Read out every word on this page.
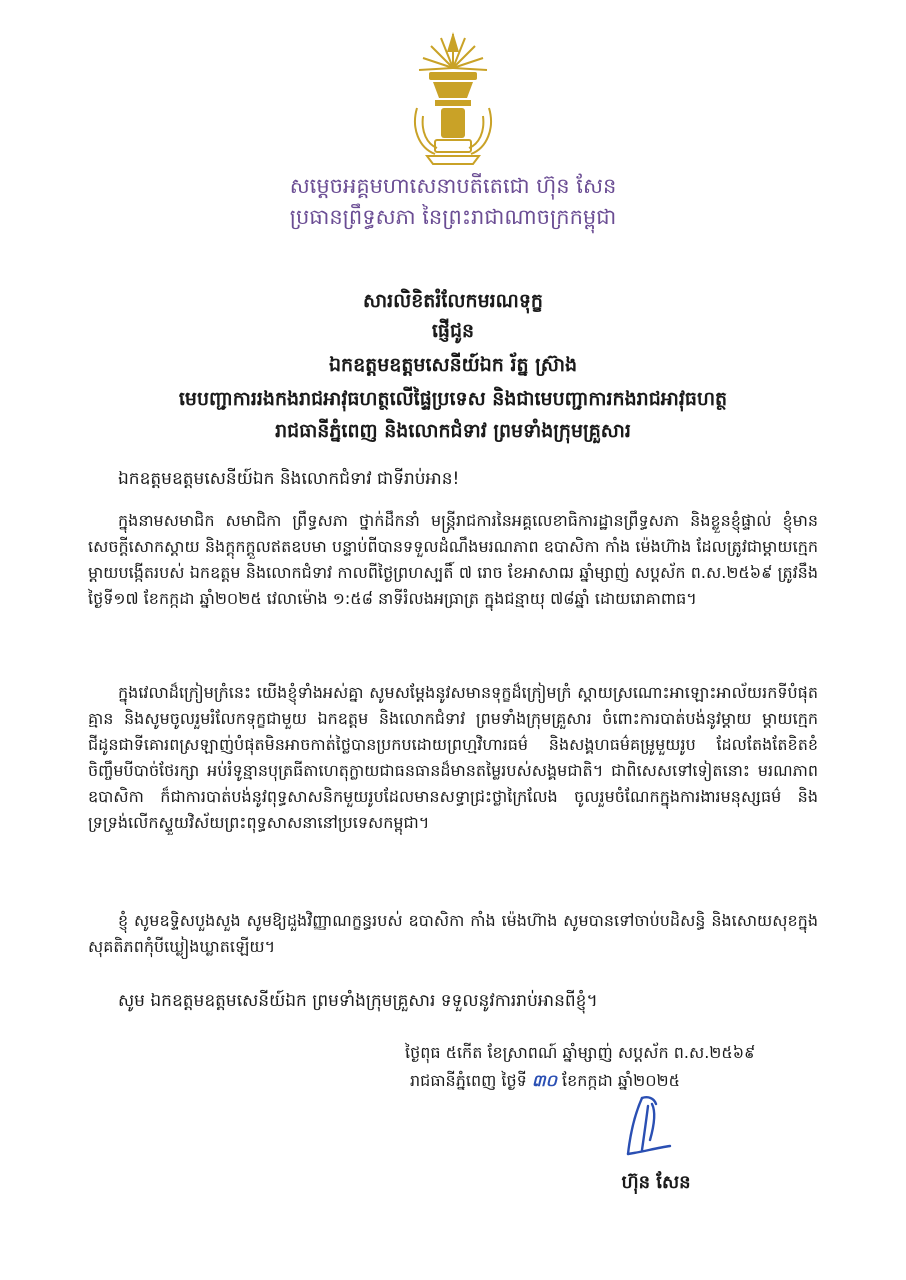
សម្តេចអគ្គមហាសេនាបតីតេជោ ហ៊ុន សែន
ប្រធានព្រឹទ្ធសភា នៃព្រះរាជាណាចក្រកម្ពុជា
សារលិខិតរំលែកមរណទុក្ខ
ផ្ញើជូន
ឯកឧត្តមឧត្តមសេនីយ៍ឯក រ័ត្ន ស្រ៊ាង
មេបញ្ជាការរងកងរាជអាវុធហត្ថលើផ្ទៃប្រទេស និងជាមេបញ្ជាការកងរាជអាវុធហត្ថ
រាជធានីភ្នំពេញ និងលោកជំទាវ ព្រមទាំងក្រុមគ្រួសារ
ឯកឧត្តមឧត្តមសេនីយ៍ឯក និងលោកជំទាវ ជាទីរាប់អាន!

ក្នុងនាមសមាជិក សមាជិកា ព្រឹទ្ធសភា ថ្នាក់ដឹកនាំ មន្ត្រីរាជការនៃអគ្គលេខាធិការដ្ឋានព្រឹទ្ធសភា និងខ្លួនខ្ញុំផ្ទាល់ ខ្ញុំមានសេចក្តីសោកស្តាយ និងក្តុកក្តួលឥតឧបមា បន្ទាប់ពីបានទទួលដំណឹងមរណភាព ឧបាសិកា កាំង ម៉េងហ៊ាង ដែលត្រូវជាម្តាយក្មេក ម្តាយបង្កើតរបស់ ឯកឧត្តម និងលោកជំទាវ កាលពីថ្ងៃព្រហស្បតិ៍ ៧ រោច ខែអាសាឍ ឆ្នាំម្សាញ់ សប្តស័ក ព.ស.២៥៦៩ ត្រូវនឹងថ្ងៃទី១៧ ខែកក្កដា ឆ្នាំ២០២៥ វេលាម៉ោង ១:៥៨ នាទីរំលងអធ្រាត្រ ក្នុងជន្មាយុ ៧៨ឆ្នាំ ដោយរោគាពាធ។

ក្នុងវេលាដ៏ក្រៀមក្រំនេះ យើងខ្ញុំទាំងអស់គ្នា សូមសម្តែងនូវសមានទុក្ខដ៏ក្រៀមក្រំ ស្តាយស្រណោះអាឡោះអាល័យរកទីបំផុតគ្មាន និងសូមចូលរួមរំលែកទុក្ខជាមួយ ឯកឧត្តម និងលោកជំទាវ ព្រមទាំងក្រុមគ្រួសារ ចំពោះការបាត់បង់នូវម្តាយ ម្តាយក្មេក ជីដូនជាទីគោរពស្រឡាញ់បំផុតមិនអាចកាត់ថ្លៃបានប្រកបដោយព្រហ្មវិហារធម៌ និងសង្គហធម៌គម្រូមួយរូប ដែលតែងតែខិតខំចិញ្ចឹមបីបាច់ថែរក្សា អប់រំទូន្មានបុត្រធីតាហេតុក្លាយជាធនធានដ៏មានតម្លៃរបស់សង្គមជាតិ។ ជាពិសេសទៅទៀតនោះ មរណភាព ឧបាសិកា ក៏ជាការបាត់បង់នូវពុទ្ធសាសនិកមួយរូបដែលមានសទ្ធាជ្រះថ្លាក្រៃលែង ចូលរួមចំណែកក្នុងការងារមនុស្សធម៌ និងទ្រទ្រង់លើកស្ទួយវិស័យព្រះពុទ្ធសាសនានៅប្រទេសកម្ពុជា។

ខ្ញុំ សូមឧទ្ទិសបួងសួង សូមឱ្យដួងវិញ្ញាណក្ខន្ធរបស់ ឧបាសិកា កាំង ម៉េងហ៊ាង សូមបានទៅចាប់បដិសន្ធិ និងសោយសុខក្នុងសុគតិភពកុំបីឃ្លៀងឃ្លាតឡើយ។

សូម ឯកឧត្តមឧត្តមសេនីយ៍ឯក ព្រមទាំងក្រុមគ្រួសារ ទទួលនូវការរាប់អានពីខ្ញុំ។
ថ្ងៃពុធ ៥កើត ខែស្រាពណ៍ ឆ្នាំម្សាញ់ សប្តស័ក ព.ស.២៥៦៩
រាជធានីភ្នំពេញ ថ្ងៃទី ៣០ ខែកក្កដា ឆ្នាំ២០២៥
ហ៊ុន សែន
